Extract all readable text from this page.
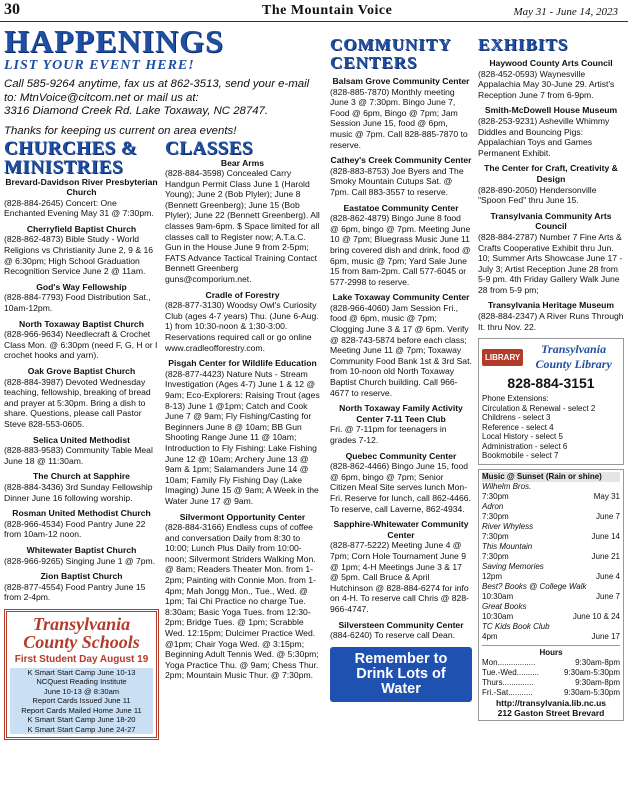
30	The Mountain Voice	May 31 - June 14, 2023
HAPPENINGS
LIST YOUR EVENT HERE!
Call 585-9264 anytime, fax us at 862-3513, send your e-mail
to: MtnVoice@citcom.net or mail us at:
3316 Diamond Creek Rd. Lake Toxaway, NC 28747.
Thanks for keeping us current on area events!
CHURCHES & MINISTRIES
Brevard-Davidson River Presbyterian Church
(828-884-2645) Concert: One Enchanted Evening May 31 @ 7:30pm.
Cherryfield Baptist Church
(828-862-4873) Bible Study - World Religions vs Christianity June 2, 9 & 16 @ 6:30pm; High School Graduation Recognition Service June 2 @ 11am.
God's Way Fellowship
(828-884-7793) Food Distribution Sat., 10am-12pm.
North Toxaway Baptist Church
(828-966-9634) Needlecraft & Crochet Class Mon. @ 6:30pm (need F, G, H or I crochet hooks and yarn).
Oak Grove Baptist Church
(828-884-3987) Devoted Wednesday teaching, fellowship, breaking of bread and prayer at 5:30pm. Bring a dish to share. Questions, please call Pastor Steve 828-553-0605.
Selica United Methodist
(828-883-9583) Community Table Meal June 18 @ 11:30am.
The Church at Sapphire
(828-884-3436) 3rd Sunday Fellowship Dinner June 16 following worship.
Rosman United Methodist Church
(828-966-4534) Food Pantry June 22 from 10am-12 noon.
Whitewater Baptist Church
(828-966-9265) Singing June 1 @ 7pm.
Zion Baptist Church
(828-877-4554) Food Pantry June 15 from 2-4pm.
Transylvania County Schools
First Student Day August 19
K Smart Start Camp June 10-13
NCQuest Reading Institute
June 10-13 @ 8:30am
Report Cards Issued June 11
Report Cards Mailed Home June 11
K Smart Start Camp June 18-20
K Smart Start Camp June 24-27
CLASSES
Bear Arms
(828-884-3598) Concealed Carry Handgun Permit Class June 1 (Harold Young); June 2 (Bob Plyler); June 8 (Bennett Greenberg); June 15 (Bob Plyler); June 22 (Bennett Greenberg). All classes 9am-6pm. $ Space limited for all classes call to Register now; A.T.a.C. Gun in the House June 9 from 2-5pm; FATS Advance Tactical Training Contact Bennett Greenberg guns@comporium.net.
Cradle of Forestry
(828-877-3130) Woodsy Owl's Curiosity Club (ages 4-7 years) Thu. (June 6-Aug. 1) from 10:30-noon & 1:30-3:00. Reservations required call or go online www.cradleofforestry.com.
Pisgah Center for Wildlife Education
(828-877-4423) Nature Nuts - Stream Investigation (Ages 4-7) June 1 & 12 @ 9am; Eco-Explorers: Raising Trout (ages 8-13) June 1 @1pm; Catch and Cook June 7 @ 9am; Fly Fishing/Casting for Beginners June 8 @ 10am; BB Gun Shooting Range June 11 @ 10am; Introduction to Fly Fishing: Lake Fishing June 12 @ 10am; Archery June 13 @ 9am & 1pm; Salamanders June 14 @ 10am; Family Fly Fishing Day (Lake Imaging) June 15 @ 9am; A Week in the Water June 17 @ 9am.
Silvermont Opportunity Center
(828-884-3166) Endless cups of coffee and conversation Daily from 8:30 to 10:00; Lunch Plus Daily from 10:00-noon; Silvermont Striders Walking Mon. @ 8am; Readers Theater Mon. from 1-2pm; Painting with Connie Mon. from 1-4pm; Mah Jongg Mon., Tue., Wed. @ 1pm; Tai Chi Practice no charge Tue. 8:30am; Basic Yoga Tues. from 12:30-2pm; Bridge Tues. @ 1pm; Scrabble Wed. 12:15pm; Dulcimer Practice Wed. @1pm; Chair Yoga Wed. @ 3:15pm; Beginning Adult Tennis Wed. @ 5:30pm; Yoga Practice Thu. @ 9am; Chess Thur. 2pm; Mountain Music Thur. @ 7:30pm.
COMMUNITY CENTERS
Balsam Grove Community Center
(828-885-7870) Monthly meeting June 3 @ 7:30pm. Bingo June 7, Food @ 6pm, Bingo @ 7pm; Jam Session June 15, food @ 6pm, music @ 7pm. Call 828-885-7870 to reserve.
Cathey's Creek Community Center
(828-883-8753) Joe Byers and The Smoky Mountain Cutups Sat. @ 7pm. Call 883-3557 to reserve.
Eastatoe Community Center
(828-862-4879) Bingo June 8 food @ 6pm, bingo @ 7pm. Meeting June 10 @ 7pm; Bluegrass Music June 11 bring covered dish and drink, food @ 6pm, music @ 7pm; Yard Sale June 15 from 8am-2pm. Call 577-6045 or 577-2998 to reserve.
Lake Toxaway Community Center
(828-966-4060) Jam Session Fri., food @ 6pm, music @ 7pm; Clogging June 3 & 17 @ 6pm. Verify @ 828-743-5874 before each class; Meeting June 11 @ 7pm; Toxaway Community Food Bank 1st & 3rd Sat. from 10-noon old North Toxaway Baptist Church building. Call 966-4677 to reserve.
North Toxaway Family Activity Center 7-11 Teen Club
Fri. @ 7-11pm for teenagers in grades 7-12.
Quebec Community Center
(828-862-4466) Bingo June 15, food @ 6pm, bingo @ 7pm; Senior Citizen Meal Site serves lunch Mon-Fri. Reserve for lunch, call 862-4466. To reserve, call Laverne, 862-4934.
Sapphire-Whitewater Community Center
(828-877-5222) Meeting June 4 @ 7pm; Corn Hole Tournament June 9 @ 1pm; 4-H Meetings June 3 & 17 @ 5pm. Call Bruce & April Hutchinson @ 828-884-6274 for info on 4-H. To reserve call Chris @ 828-966-4747.
Silversteen Community Center
(884-6240) To reserve call Dean.
Remember to Drink Lots of Water
EXHIBITS
Haywood County Arts Council
(828-452-0593) Waynesville Appalachia May 30-June 29. Artist's Reception June 7 from 6-9pm.
Smith-McDowell House Museum
(828-253-9231) Asheville Whimmy Diddles and Bouncing Pigs: Appalachian Toys and Games Permanent Exhibit.
The Center for Craft, Creativity & Design
(828-890-2050) Hendersonville "Spoon Fed" thru June 15.
Transylvania Community Arts Council
(828-884-2787) Number 7 Fine Arts & Crafts Cooperative Exhibit thru Jun. 10; Summer Arts Showcase June 17 - July 3; Artist Reception June 28 from 5-9 pm. 4th Friday Gallery Walk June 28 from 5-9 pm;
Transylvania Heritage Museum
(828-884-2347) A River Runs Through It. thru Nov. 22.
LIBRARY
Transylvania County Library
828-884-3151
Phone Extensions:
Circulation & Renewal - select 2
Childrens - select 3
Reference - select 4
Local History - select 5
Administration - select 6
Bookmobile - select 7
Music @ Sunset (Rain or shine)
Wilhelm Bros.
7:30pm	May 31
Adron
7:30pm	June 7
River Whyless
7:30pm	June 14
This Mountain
7:30pm	June 21
Saving Memories
12pm	June 4
Best? Books @ College Walk
10:30am	June 7
Great Books
10:30am	June 10 & 24
TC Kids Book Club
4pm	June 17
Hours
Mon.................	9:30am-8pm
Tue.-Wed..........	9:30am-5:30pm
Thurs..............	9:30am-8pm
Fri.-Sat...........	9:30am-5:30pm
http://transylvania.lib.nc.us
212 Gaston Street Brevard
